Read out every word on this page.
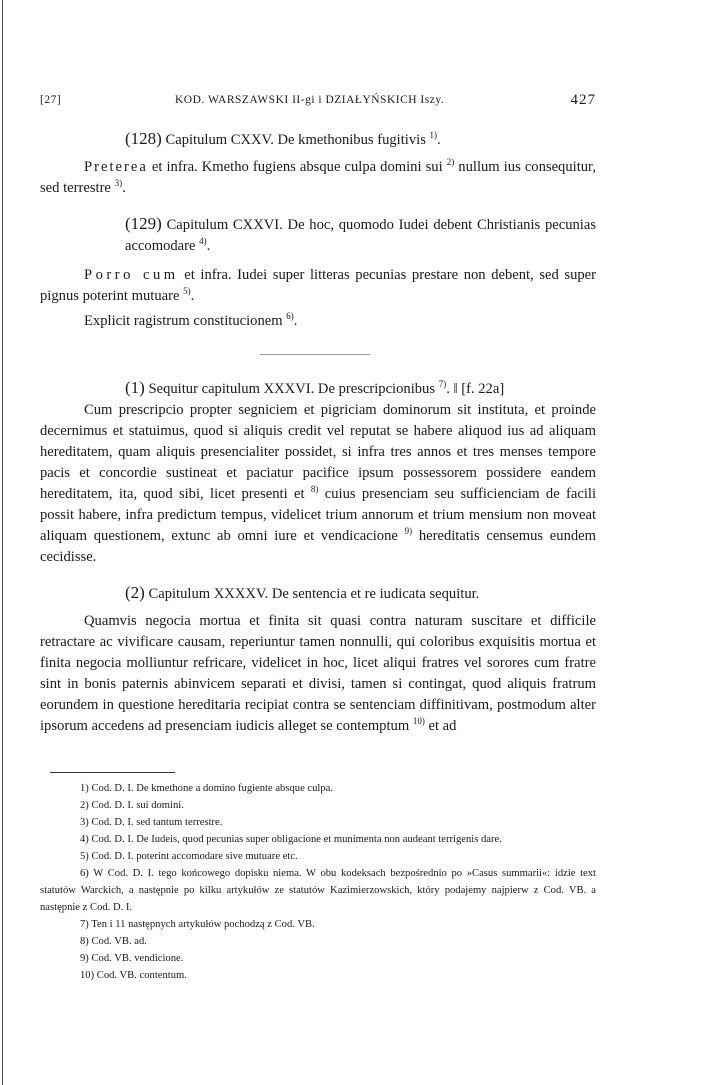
[27]	KOD. WARSZAWSKI II-gi i DZIAŁYŃSKICH Iszy.	427

(128) Capitulum CXXV. De kmethonibus fugitivis $^{1)}$.

Preterea et infra. Kmetho fugiens absque culpa domini sui $^{2)}$ nullum ius consequitur, sed terrestre $^{3)}$.

(129) Capitulum CXXVI. De hoc, quomodo Iudei debent Christianis pecunias accomodare $^{4)}$.

Porro cum et infra. Iudei super litteras pecunias prestare non debent, sed super pignus poterint mutuare $^{5)}$.

Explicit ragistrum constitucionem $^{6)}$.

(1) Sequitur capitulum XXXVI. De prescripcionibus $^{7)}$. ‖ [f. 22a]

Cum prescripcio propter segniciem et pigriciam dominorum sit instituta, et proinde decernimus et statuimus, quod si aliquis credit vel reputat se habere aliquod ius ad aliquam hereditatem, quam aliquis presencialiter possidet, si infra tres annos et tres menses tempore pacis et concordie sustineat et paciatur pacifice ipsum possessorem possidere eandem hereditatem, ita, quod sibi, licet presenti et $^{8)}$ cuius presenciam seu sufficienciam de facili possit habere, infra predictum tempus, videlicet trium annorum et trium mensium non moveat aliquam questionem, extunc ab omni iure et vendicacione $^{9)}$ hereditatis censemus eundem cecidisse.

(2) Capitulum XXXXV. De sentencia et re iudicata sequitur.

Quamvis negocia mortua et finita sit quasi contra naturam suscitare et difficile retractare ac vivificare causam, reperiuntur tamen nonnulli, qui coloribus exquisitis mortua et finita negocia molliuntur refricare, videlicet in hoc, licet aliqui fratres vel sorores cum fratre sint in bonis paternis abinvicem separati et divisi, tamen si contingat, quod aliquis fratrum eorundem in questione hereditaria recipiat contra se sentenciam diffinitivam, postmodum alter ipsorum accedens ad presenciam iudicis alleget se contemptum $^{10)}$ et ad

1) Cod. D. I. De kmethone a domino fugiente absque culpa.

2) Cod. D. I. sui domini.

3) Cod. D. I. sed tantum terrestre.

4) Cod. D. I. De Iudeis, quod pecunias super obligacione et munimenta non audeant terrigenis dare.

5) Cod. D. I. poterint accomodare sive mutuare etc.

6) W Cod. D. I. tego końcowego dopisku niema. W obu kodeksach bezpośrednio po »Casus summarii«: idzie text statutów Warckich, a następnie po kilku artykułów ze statutów Kazimierzowskich, który podajemy najpierw z Cod. VB. a następnie z Cod. D. I.

7) Ten i 11 następnych artykułów pochodzą z Cod. VB.

8) Cod. VB. ad.

9) Cod. VB. vendicione.

10) Cod. VB. contentum.
